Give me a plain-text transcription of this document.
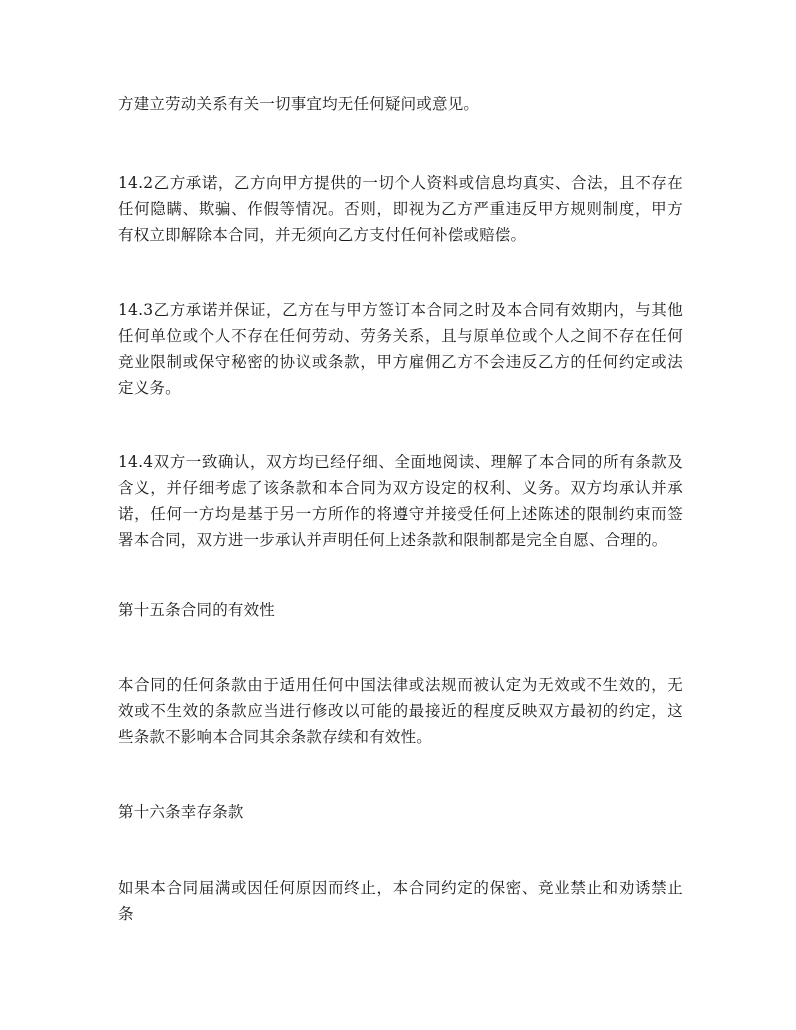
方建立劳动关系有关一切事宜均无任何疑问或意见。

14.2乙方承诺，乙方向甲方提供的一切个人资料或信息均真实、合法，且不存在任何隐瞒、欺骗、作假等情况。否则，即视为乙方严重违反甲方规则制度，甲方有权立即解除本合同，并无须向乙方支付任何补偿或赔偿。

14.3乙方承诺并保证，乙方在与甲方签订本合同之时及本合同有效期内，与其他任何单位或个人不存在任何劳动、劳务关系，且与原单位或个人之间不存在任何竞业限制或保守秘密的协议或条款，甲方雇佣乙方不会违反乙方的任何约定或法定义务。

14.4双方一致确认，双方均已经仔细、全面地阅读、理解了本合同的所有条款及含义，并仔细考虑了该条款和本合同为双方设定的权利、义务。双方均承认并承诺，任何一方均是基于另一方所作的将遵守并接受任何上述陈述的限制约束而签署本合同，双方进一步承认并声明任何上述条款和限制都是完全自愿、合理的。

第十五条合同的有效性

本合同的任何条款由于适用任何中国法律或法规而被认定为无效或不生效的，无效或不生效的条款应当进行修改以可能的最接近的程度反映双方最初的约定，这些条款不影响本合同其余条款存续和有效性。

第十六条幸存条款

如果本合同届满或因任何原因而终止，本合同约定的保密、竞业禁止和劝诱禁止条
